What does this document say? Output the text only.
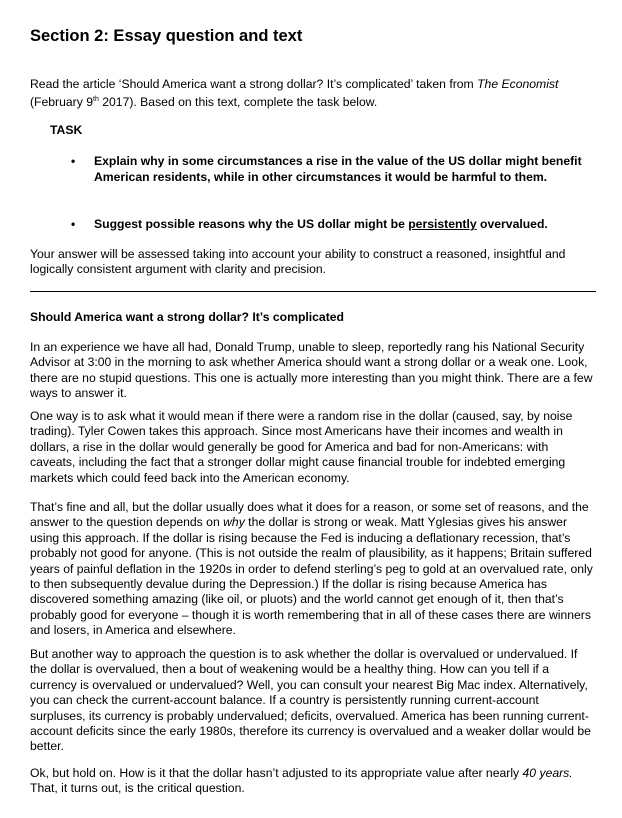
Section 2: Essay question and text
Read the article ‘Should America want a strong dollar? It’s complicated’ taken from The Economist
(February 9th 2017). Based on this text, complete the task below.
TASK
• Explain why in some circumstances a rise in the value of the US dollar might benefit American residents, while in other circumstances it would be harmful to them.
• Suggest possible reasons why the US dollar might be persistently overvalued.
Your answer will be assessed taking into account your ability to construct a reasoned, insightful and logically consistent argument with clarity and precision.
Should America want a strong dollar? It’s complicated
In an experience we have all had, Donald Trump, unable to sleep, reportedly rang his National Security Advisor at 3:00 in the morning to ask whether America should want a strong dollar or a weak one. Look, there are no stupid questions. This one is actually more interesting than you might think. There are a few ways to answer it.
One way is to ask what it would mean if there were a random rise in the dollar (caused, say, by noise trading). Tyler Cowen takes this approach. Since most Americans have their incomes and wealth in dollars, a rise in the dollar would generally be good for America and bad for non-Americans: with caveats, including the fact that a stronger dollar might cause financial trouble for indebted emerging markets which could feed back into the American economy.
That’s fine and all, but the dollar usually does what it does for a reason, or some set of reasons, and the answer to the question depends on why the dollar is strong or weak. Matt Yglesias gives his answer using this approach. If the dollar is rising because the Fed is inducing a deflationary recession, that’s probably not good for anyone. (This is not outside the realm of plausibility, as it happens; Britain suffered years of painful deflation in the 1920s in order to defend sterling’s peg to gold at an overvalued rate, only to then subsequently devalue during the Depression.) If the dollar is rising because America has discovered something amazing (like oil, or pluots) and the world cannot get enough of it, then that’s probably good for everyone – though it is worth remembering that in all of these cases there are winners and losers, in America and elsewhere.
But another way to approach the question is to ask whether the dollar is overvalued or undervalued. If the dollar is overvalued, then a bout of weakening would be a healthy thing. How can you tell if a currency is overvalued or undervalued? Well, you can consult your nearest Big Mac index. Alternatively, you can check the current-account balance. If a country is persistently running current-account surpluses, its currency is probably undervalued; deficits, overvalued. America has been running current-account deficits since the early 1980s, therefore its currency is overvalued and a weaker dollar would be better.
Ok, but hold on. How is it that the dollar hasn’t adjusted to its appropriate value after nearly 40 years. That, it turns out, is the critical question.
